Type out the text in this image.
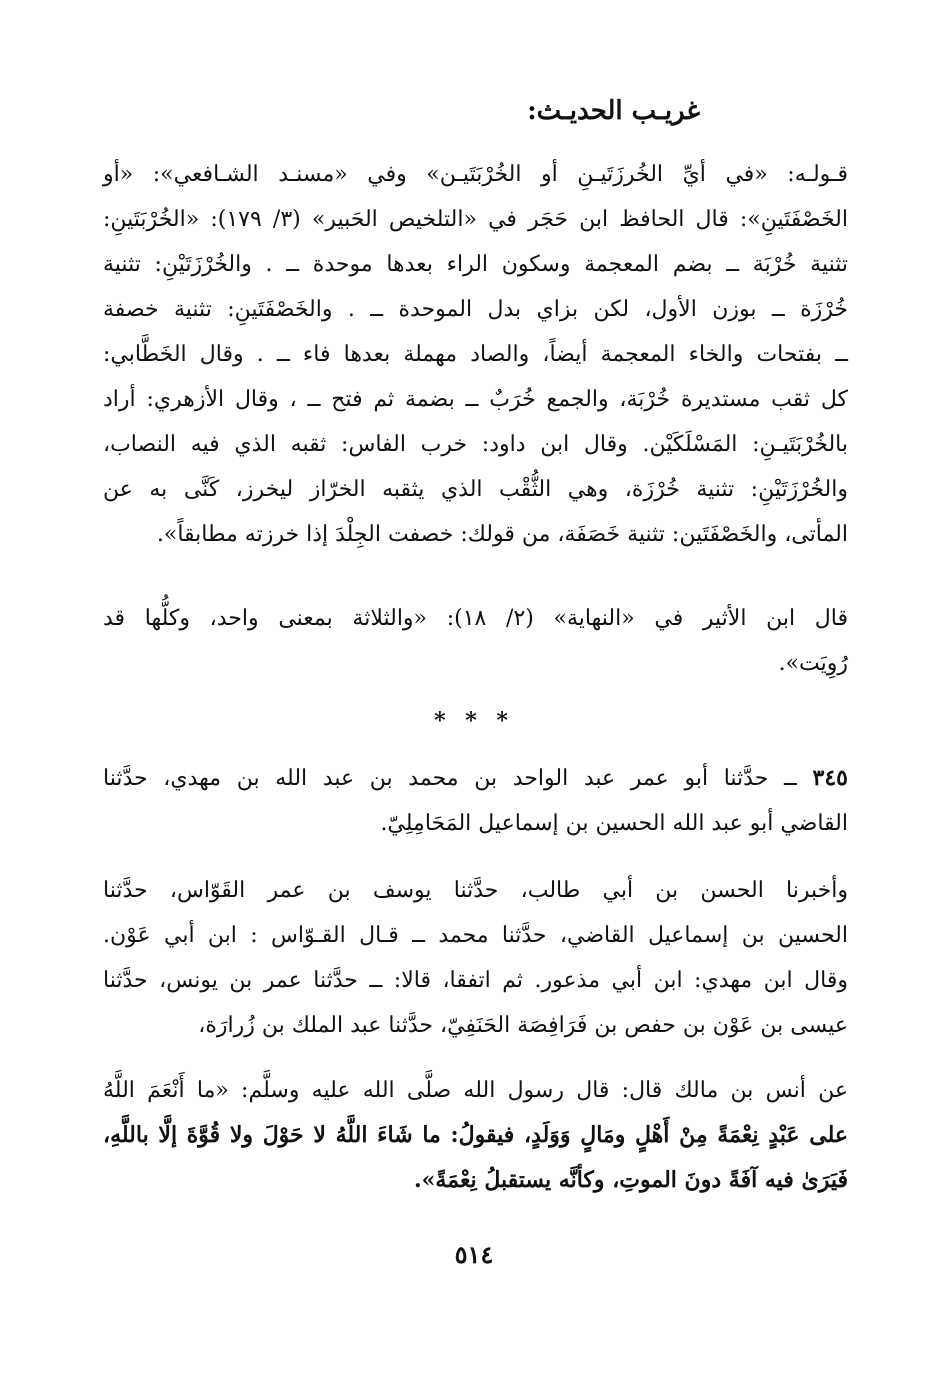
غريـب الحديـث:
قـولـه: «في أيِّ الخُرزَتَيـنِ أو الخُرْبَتَيـن» وفي «مسنـد الشـافعي»: «أو
الخَصْفَتَينِ»: قال الحافظ ابن حَجَر في «التلخيص الحَبير» (٣/ ١٧٩): «الخُرْبَتَينِ:
تثنية خُرْبَة ــ بضم المعجمة وسكون الراء بعدها موحدة ــ . والخُرْزَتَيْنِ: تثنية
خُرْزَة ــ بوزن الأول، لكن بزاي بدل الموحدة ــ . والخَصْفَتَينِ: تثنية خصفة
ــ بفتحات والخاء المعجمة أيضاً، والصاد مهملة بعدها فاء ــ . وقال الخَطَّابي:
كل ثقب مستديرة خُرْبَة، والجمع خُرَبٌ ــ بضمة ثم فتح ــ ، وقال الأزهري: أراد
بالخُرْبَتَيـنِ: المَسْلَكَيْن. وقال ابن داود: خرب الفاس: ثقبه الذي فيه النصاب،
والخُرْزَتَيْنِ: تثنية خُرْزَة، وهي الثُّقْب الذي يثقبه الخرّاز ليخرز، كَنَّى به عن
المأتى، والخَصْفَتَين: تثنية خَصَفَة، من قولك: خصفت الجِلْدَ إذا خرزته مطابقاً».
قال ابن الأثير في «النهاية» (٢/ ١٨): «والثلاثة بمعنى واحد، وكلُّها قد
رُوِيَت».
* * *
٣٤٥ ــ حدَّثنا أبو عمر عبد الواحد بن محمد بن عبد الله بن مهدي، حدَّثنا
القاضي أبو عبد الله الحسين بن إسماعيل المَحَامِلِيّ.
وأخبرنا الحسن بن أبي طالب، حدَّثنا يوسف بن عمر القَوّاس، حدَّثنا
الحسين بن إسماعيل القاضي، حدَّثنا محمد ــ قـال القـوّاس : ابن أبي عَوْن.
وقال ابن مهدي: ابن أبي مذعور. ثم اتفقا، قالا: ــ حدَّثنا عمر بن يونس، حدَّثنا
عيسى بن عَوْن بن حفص بن فَرَافِصَة الحَنَفِيّ، حدَّثنا عبد الملك بن زُرارَة،
عن أنس بن مالك قال: قال رسول الله صلَّى الله عليه وسلَّم: «ما أَنْعَمَ اللَّهُ
على عَبْدٍ نِعْمَةً مِنْ أَهْلٍ ومَالٍ وَوَلَدٍ، فيقولُ: ما شَاءَ اللَّهُ لا حَوْلَ ولا قُوَّةَ إلَّا باللَّهِ،
فَيَرَىٰ فيه آفَةً دونَ الموتِ، وكأنَّه يستقبلُ نِعْمَةً».
٥١٤
